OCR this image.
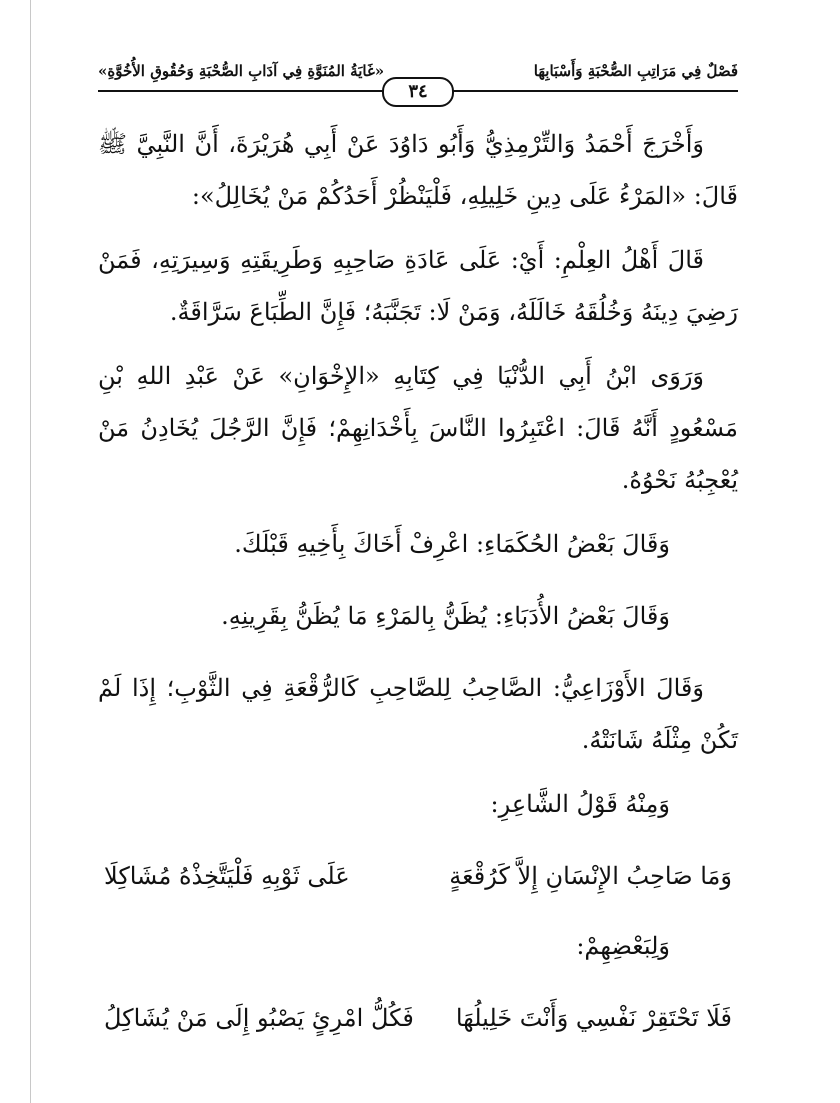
فَصْلٌ فِي مَرَاتِبِ الصُّحْبَةِ وَأَسْبَابِهَا
«غَايَةُ المُنَوَّةِ فِي آدَابِ الصُّحْبَةِ وَحُقُوقِ الأُخُوَّةِ»
٣٤

وَأَخْرَجَ أَحْمَدُ وَالتِّرْمِذِيُّ وَأَبُو دَاوُدَ عَنْ أَبِي هُرَيْرَةَ، أَنَّ النَّبِيَّ ﷺ قَالَ: «المَرْءُ عَلَى دِينِ خَلِيلِهِ، فَلْيَنْظُرْ أَحَدُكُمْ مَنْ يُخَالِلُ»:

قَالَ أَهْلُ العِلْمِ: أَيْ: عَلَى عَادَةِ صَاحِبِهِ وَطَرِيقَتِهِ وَسِيرَتِهِ، فَمَنْ رَضِيَ دِينَهُ وَخُلُقَهُ خَالَلَهُ، وَمَنْ لَا: تَجَنَّبَهُ؛ فَإِنَّ الطِّبَاعَ سَرَّاقَةٌ.

وَرَوَى ابْنُ أَبِي الدُّنْيَا فِي كِتَابِهِ «الإِخْوَانِ» عَنْ عَبْدِ اللهِ بْنِ مَسْعُودٍ أَنَّهُ قَالَ: اعْتَبِرُوا النَّاسَ بِأَخْدَانِهِمْ؛ فَإِنَّ الرَّجُلَ يُخَادِنُ مَنْ يُعْجِبُهُ نَحْوُهُ.

وَقَالَ بَعْضُ الحُكَمَاءِ: اعْرِفْ أَخَاكَ بِأَخِيهِ قَبْلَكَ.

وَقَالَ بَعْضُ الأُدَبَاءِ: يُظَنُّ بِالمَرْءِ مَا يُظَنُّ بِقَرِينِهِ.

وَقَالَ الأَوْزَاعِيُّ: الصَّاحِبُ لِلصَّاحِبِ كَالرُّقْعَةِ فِي الثَّوْبِ؛ إِذَا لَمْ تَكُنْ مِثْلَهُ شَانَتْهُ.

وَمِنْهُ قَوْلُ الشَّاعِرِ:

وَمَا صَاحِبُ الإِنْسَانِ إِلاَّ كَرُقْعَةٍ
عَلَى ثَوْبِهِ فَلْيَتَّخِذْهُ مُشَاكِلَا

وَلِبَعْضِهِمْ:

فَلَا تَحْتَقِرْ نَفْسِي وَأَنْتَ خَلِيلُهَا
فَكُلُّ امْرِئٍ يَصْبُو إِلَى مَنْ يُشَاكِلُ
